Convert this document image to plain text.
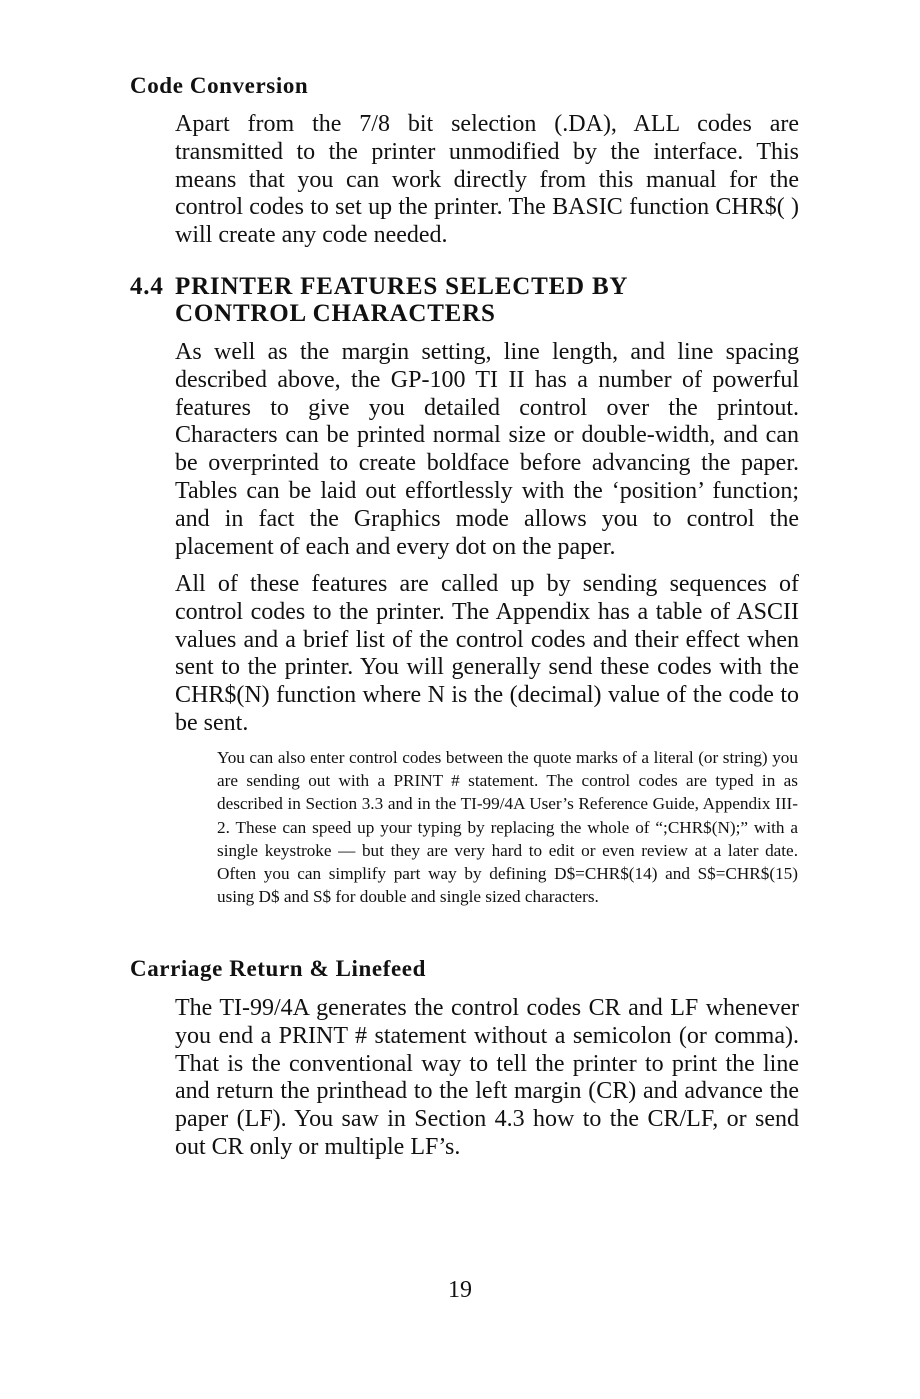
Code Conversion

Apart from the 7/8 bit selection (.DA), ALL codes are transmitted to the printer unmodified by the interface. This means that you can work directly from this manual for the control codes to set up the printer. The BASIC function CHR$( ) will create any code needed.

4.4 PRINTER FEATURES SELECTED BY
CONTROL CHARACTERS

As well as the margin setting, line length, and line spacing described above, the GP-100 TI II has a number of powerful features to give you detailed control over the printout. Characters can be printed normal size or double-width, and can be overprinted to create boldface before advancing the paper. Tables can be laid out effortlessly with the ‘position’ function; and in fact the Graphics mode allows you to control the placement of each and every dot on the paper.

All of these features are called up by sending sequences of control codes to the printer. The Appendix has a table of ASCII values and a brief list of the control codes and their effect when sent to the printer. You will generally send these codes with the CHR$(N) function where N is the (decimal) value of the code to be sent.

You can also enter control codes between the quote marks of a literal (or string) you are sending out with a PRINT # statement. The control codes are typed in as described in Section 3.3 and in the TI-99/4A User’s Reference Guide, Appendix III-2. These can speed up your typing by replacing the whole of “;CHR$(N);” with a single keystroke — but they are very hard to edit or even review at a later date. Often you can simplify part way by defining D$=CHR$(14) and S$=CHR$(15) using D$ and S$ for double and single sized characters.

Carriage Return & Linefeed

The TI-99/4A generates the control codes CR and LF whenever you end a PRINT # statement without a semicolon (or comma). That is the conventional way to tell the printer to print the line and return the printhead to the left margin (CR) and advance the paper (LF). You saw in Section 4.3 how to the CR/LF, or send out CR only or multiple LF’s.

19
